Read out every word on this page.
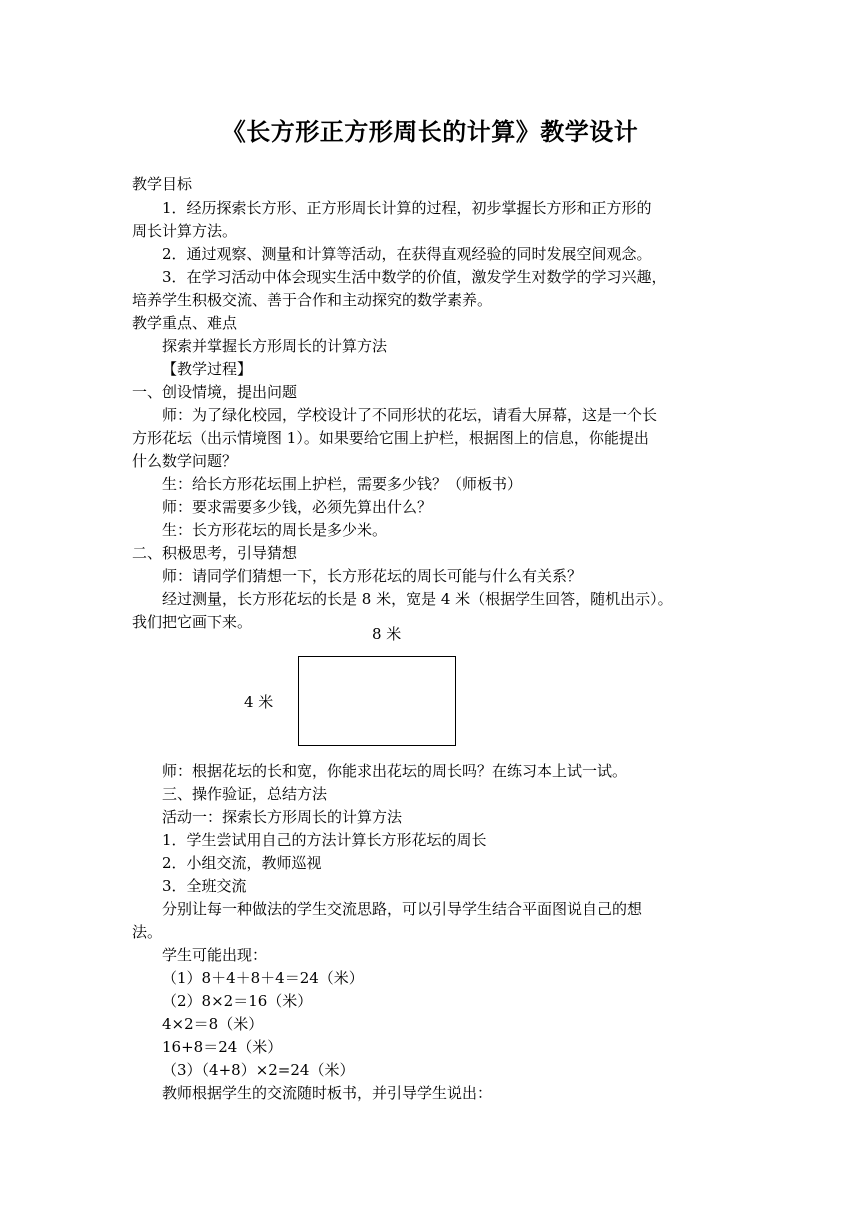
《长方形正方形周长的计算》教学设计
教学目标
1．经历探索长方形、正方形周长计算的过程，初步掌握长方形和正方形的
周长计算方法。
2．通过观察、测量和计算等活动，在获得直观经验的同时发展空间观念。
3．在学习活动中体会现实生活中数学的价值，激发学生对数学的学习兴趣，
培养学生积极交流、善于合作和主动探究的数学素养。
教学重点、难点
探索并掌握长方形周长的计算方法
【教学过程】
一、创设情境，提出问题
师：为了绿化校园，学校设计了不同形状的花坛，请看大屏幕，这是一个长
方形花坛（出示情境图 1）。如果要给它围上护栏，根据图上的信息，你能提出
什么数学问题？
生：给长方形花坛围上护栏，需要多少钱？（师板书）
师：要求需要多少钱，必须先算出什么？
生：长方形花坛的周长是多少米。
二、积极思考，引导猜想
师：请同学们猜想一下，长方形花坛的周长可能与什么有关系？
经过测量，长方形花坛的长是 8 米，宽是 4 米（根据学生回答，随机出示）。
我们把它画下来。
8 米
4 米
师：根据花坛的长和宽，你能求出花坛的周长吗？在练习本上试一试。
三、操作验证，总结方法
活动一：探索长方形周长的计算方法
1．学生尝试用自己的方法计算长方形花坛的周长
2．小组交流，教师巡视
3．全班交流
分别让每一种做法的学生交流思路，可以引导学生结合平面图说自己的想
法。
学生可能出现：
（1）8＋4＋8＋4＝24（米）
（2）8×2＝16（米）
4×2＝8（米）
16+8＝24（米）
（3）（4+8）×2=24（米）
教师根据学生的交流随时板书，并引导学生说出：
